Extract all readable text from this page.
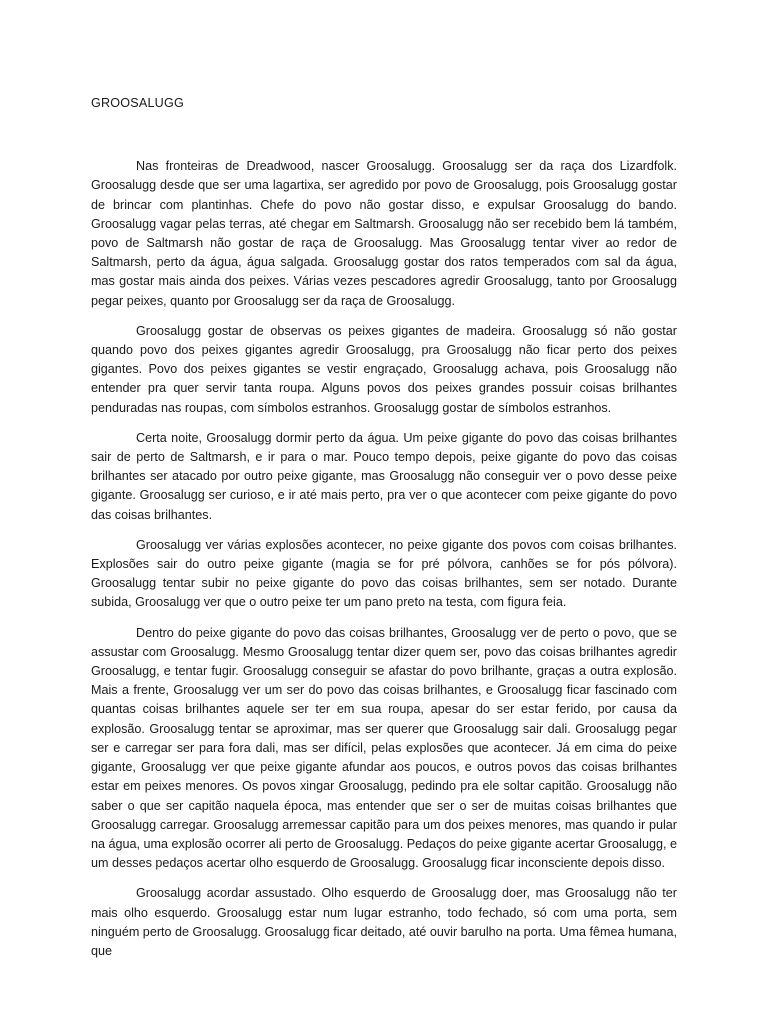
GROOSALUGG

Nas fronteiras de Dreadwood, nascer Groosalugg. Groosalugg ser da raça dos Lizardfolk. Groosalugg desde que ser uma lagartixa, ser agredido por povo de Groosalugg, pois Groosalugg gostar de brincar com plantinhas. Chefe do povo não gostar disso, e expulsar Groosalugg do bando. Groosalugg vagar pelas terras, até chegar em Saltmarsh. Groosalugg não ser recebido bem lá também, povo de Saltmarsh não gostar de raça de Groosalugg. Mas Groosalugg tentar viver ao redor de Saltmarsh, perto da água, água salgada. Groosalugg gostar dos ratos temperados com sal da água, mas gostar mais ainda dos peixes. Várias vezes pescadores agredir Groosalugg, tanto por Groosalugg pegar peixes, quanto por Groosalugg ser da raça de Groosalugg.

Groosalugg gostar de observas os peixes gigantes de madeira. Groosalugg só não gostar quando povo dos peixes gigantes agredir Groosalugg, pra Groosalugg não ficar perto dos peixes gigantes. Povo dos peixes gigantes se vestir engraçado, Groosalugg achava, pois Groosalugg não entender pra quer servir tanta roupa. Alguns povos dos peixes grandes possuir coisas brilhantes penduradas nas roupas, com símbolos estranhos. Groosalugg gostar de símbolos estranhos.

Certa noite, Groosalugg dormir perto da água. Um peixe gigante do povo das coisas brilhantes sair de perto de Saltmarsh, e ir para o mar. Pouco tempo depois, peixe gigante do povo das coisas brilhantes ser atacado por outro peixe gigante, mas Groosalugg não conseguir ver o povo desse peixe gigante. Groosalugg ser curioso, e ir até mais perto, pra ver o que acontecer com peixe gigante do povo das coisas brilhantes.

Groosalugg ver várias explosões acontecer, no peixe gigante dos povos com coisas brilhantes. Explosões sair do outro peixe gigante (magia se for pré pólvora, canhões se for pós pólvora). Groosalugg tentar subir no peixe gigante do povo das coisas brilhantes, sem ser notado. Durante subida, Groosalugg ver que o outro peixe ter um pano preto na testa, com figura feia.

Dentro do peixe gigante do povo das coisas brilhantes, Groosalugg ver de perto o povo, que se assustar com Groosalugg. Mesmo Groosalugg tentar dizer quem ser, povo das coisas brilhantes agredir Groosalugg, e tentar fugir. Groosalugg conseguir se afastar do povo brilhante, graças a outra explosão. Mais a frente, Groosalugg ver um ser do povo das coisas brilhantes, e Groosalugg ficar fascinado com quantas coisas brilhantes aquele ser ter em sua roupa, apesar do ser estar ferido, por causa da explosão. Groosalugg tentar se aproximar, mas ser querer que Groosalugg sair dali. Groosalugg pegar ser e carregar ser para fora dali, mas ser difícil, pelas explosões que acontecer. Já em cima do peixe gigante, Groosalugg ver que peixe gigante afundar aos poucos, e outros povos das coisas brilhantes estar em peixes menores. Os povos xingar Groosalugg, pedindo pra ele soltar capitão. Groosalugg não saber o que ser capitão naquela época, mas entender que ser o ser de muitas coisas brilhantes que Groosalugg carregar. Groosalugg arremessar capitão para um dos peixes menores, mas quando ir pular na água, uma explosão ocorrer ali perto de Groosalugg. Pedaços do peixe gigante acertar Groosalugg, e um desses pedaços acertar olho esquerdo de Groosalugg. Groosalugg ficar inconsciente depois disso.

Groosalugg acordar assustado. Olho esquerdo de Groosalugg doer, mas Groosalugg não ter mais olho esquerdo. Groosalugg estar num lugar estranho, todo fechado, só com uma porta, sem ninguém perto de Groosalugg. Groosalugg ficar deitado, até ouvir barulho na porta. Uma fêmea humana, que
